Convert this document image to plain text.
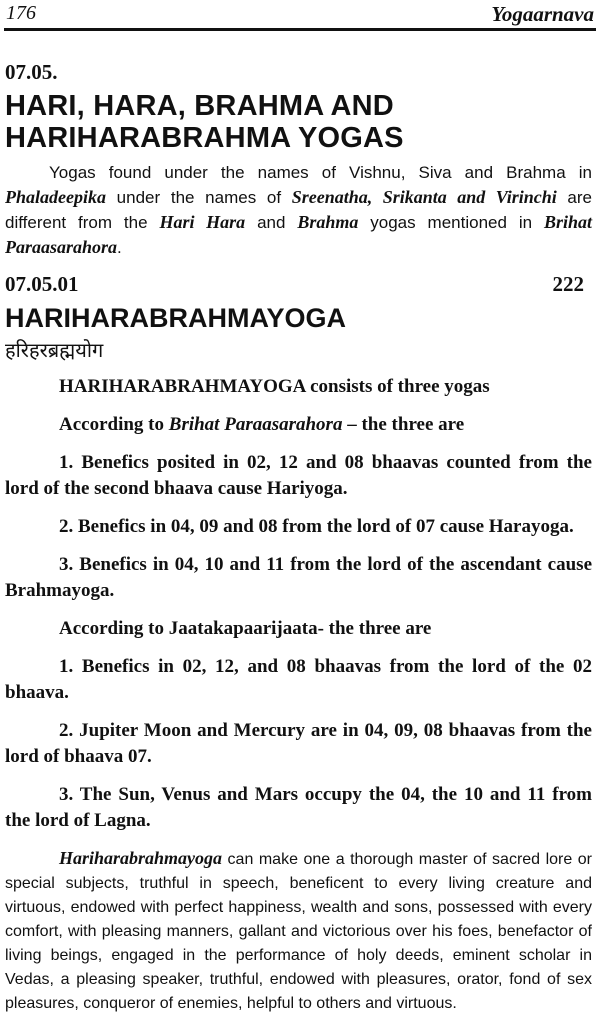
176	Yogaarnava
07.05.
HARI, HARA, BRAHMA AND
HARIHARABRAHMA YOGAS
Yogas found under the names of Vishnu, Siva and Brahma in Phaladeepika under the names of Sreenatha, Srikanta and Virinchi are different from the Hari Hara and Brahma yogas mentioned in Brihat Paraasarahora.
07.05.01	222
HARIHARABRAHMAYOGA
हरिहरब्रह्मयोग

HARIHARABRAHMAYOGA consists of three yogas

According to Brihat Paraasarahora – the three are

1. Benefics posited in 02, 12 and 08 bhaavas counted from the lord of the second bhaava cause Hariyoga.

2. Benefics in 04, 09 and 08 from the lord of 07 cause Harayoga.

3. Benefics in 04, 10 and 11 from the lord of the ascendant cause Brahmayoga.

According to Jaatakapaarijaata- the three are

1. Benefics in 02, 12, and 08 bhaavas from the lord of the 02 bhaava.

2. Jupiter Moon and Mercury are in 04, 09, 08 bhaavas from the lord of bhaava 07.

3. The Sun, Venus and Mars occupy the 04, the 10 and 11 from the lord of Lagna.

Hariharabrahmayoga can make one a thorough master of sacred lore or special subjects, truthful in speech, beneficent to every living creature and virtuous, endowed with perfect happiness, wealth and sons, possessed with every comfort, with pleasing manners, gallant and victorious over his foes, benefactor of living beings, engaged in the performance of holy deeds, eminent scholar in Vedas, a pleasing speaker, truthful, endowed with pleasures, orator, fond of sex pleasures, conqueror of enemies, helpful to others and virtuous.
